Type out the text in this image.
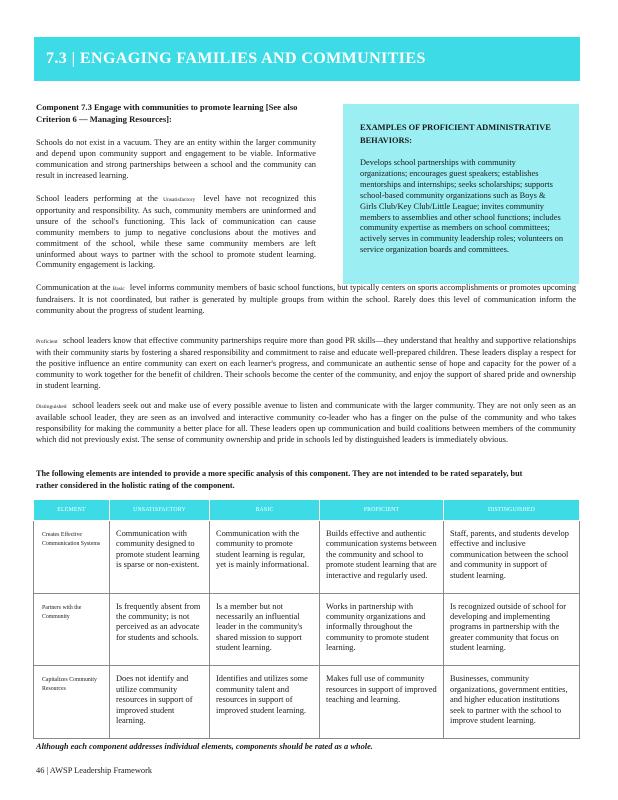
7.3 | ENGAGING FAMILIES AND COMMUNITIES

Component 7.3 Engage with communities to promote learning [See also Criterion 6 — Managing Resources]:

Schools do not exist in a vacuum. They are an entity within the larger community and depend upon community support and engagement to be viable. Informative communication and strong partnerships between a school and the community can result in increased learning.

School leaders performing at the Unsatisfactory level have not recognized this opportunity and responsibility. As such, community members are uninformed and unsure of the school's functioning. This lack of communication can cause community members to jump to negative conclusions about the motives and commitment of the school, while these same community members are left uninformed about ways to partner with the school to promote student learning. Community engagement is lacking.

EXAMPLES OF PROFICIENT ADMINISTRATIVE BEHAVIORS:

Develops school partnerships with community organizations; encourages guest speakers; establishes mentorships and internships; seeks scholarships; supports school-based community organizations such as Boys & Girls Club/Key Club/Little League; invites community members to assemblies and other school functions; includes community expertise as members on school committees; actively serves in community leadership roles; volunteers on service organization boards and committees.

Communication at the Basic level informs community members of basic school functions, but typically centers on sports accomplishments or promotes upcoming fundraisers. It is not coordinated, but rather is generated by multiple groups from within the school. Rarely does this level of communication inform the community about the progress of student learning.

Proficient school leaders know that effective community partnerships require more than good PR skills—they understand that healthy and supportive relationships with their community starts by fostering a shared responsibility and commitment to raise and educate well-prepared children. These leaders display a respect for the positive influence an entire community can exert on each learner's progress, and communicate an authentic sense of hope and capacity for the power of a community to work together for the benefit of children. Their schools become the center of the community, and enjoy the support of shared pride and ownership in student learning.

Distinguished school leaders seek out and make use of every possible avenue to listen and communicate with the larger community. They are not only seen as an available school leader, they are seen as an involved and interactive community co-leader who has a finger on the pulse of the community and who takes responsibility for making the community a better place for all. These leaders open up communication and build coalitions between members of the community which did not previously exist. The sense of community ownership and pride in schools led by distinguished leaders is immediately obvious.

The following elements are intended to provide a more specific analysis of this component. They are not intended to be rated separately, but rather considered in the holistic rating of the component.

ELEMENT	UNSATISFACTORY	BASIC	PROFICIENT	DISTINGUISHED
Creates Effective Communication Systems	Communication with community designed to promote student learning is sparse or non-existent.	Communication with the community to promote student learning is regular, yet is mainly informational.	Builds effective and authentic communication systems between the community and school to promote student learning that are interactive and regularly used.	Staff, parents, and students develop effective and inclusive communication between the school and community in support of student learning.
Partners with the Community	Is frequently absent from the community; is not perceived as an advocate for students and schools.	Is a member but not necessarily an influential leader in the community's shared mission to support student learning.	Works in partnership with community organizations and informally throughout the community to promote student learning.	Is recognized outside of school for developing and implementing programs in partnership with the greater community that focus on student learning.
Capitalizes Community Resources	Does not identify and utilize community resources in support of improved student learning.	Identifies and utilizes some community talent and resources in support of improved student learning.	Makes full use of community resources in support of improved teaching and learning.	Businesses, community organizations, government entities, and higher education institutions seek to partner with the school to improve student learning.

Although each component addresses individual elements, components should be rated as a whole.

46 | AWSP Leadership Framework
